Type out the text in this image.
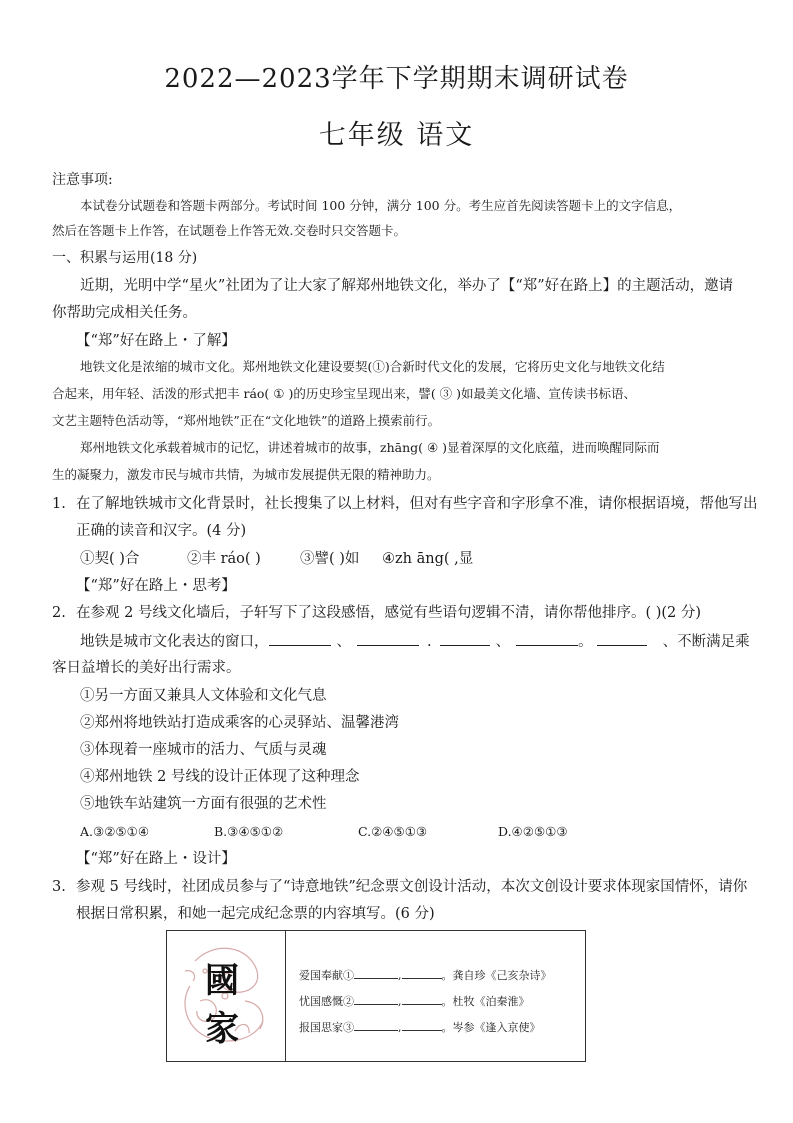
2022—2023学年下学期期末调研试卷
七年级 语文
注意事项:
本试卷分试题卷和答题卡两部分。考试时间 100 分钟，满分 100 分。考生应首先阅读答题卡上的文字信息，
然后在答题卡上作答，在试题卷上作答无效.交卷时只交答题卡。
一、积累与运用(18 分)
近期，光明中学“星火”社团为了让大家了解郑州地铁文化，举办了【“郑”好在路上】的主题活动，邀请
你帮助完成相关任务。
【“郑”好在路上・了解】
地铁文化是浓缩的城市文化。郑州地铁文化建设要契(①)合新时代文化的发展，它将历史文化与地铁文化结
合起来，用年轻、活泼的形式把丰 ráo( ① )的历史珍宝呈现出来，譬( ③ )如最美文化墙、宣传读书标语、
文艺主题特色活动等，“郑州地铁”正在“文化地铁”的道路上摸索前行。
郑州地铁文化承载着城市的记忆，讲述着城市的故事，zhāng( ④ )显着深厚的文化底蕴，进而唤醒同际而
生的凝聚力，激发市民与城市共情，为城市发展提供无限的精神助力。
1. 在了解地铁城市文化背景时，社长搜集了以上材料，但对有些字音和字形拿不准，请你根据语境，帮他写出
正确的读音和汉字。(4 分)
①契( )合	②丰 ráo( )	③譬( )如 ④zh āng( ,显
【“郑”好在路上・思考】
2. 在参观 2 号线文化墙后，子轩写下了这段感悟，感觉有些语句逻辑不清，请你帮他排序。( )(2 分)
地铁是城市文化表达的窗口，	、	.	、	。	、不断满足乘
客日益增长的美好出行需求。
①另一方面又兼具人文体验和文化气息
②郑州将地铁站打造成乘客的心灵驿站、温馨港湾
③体现着一座城市的活力、气质与灵魂
④郑州地铁 2 号线的设计正体现了这种理念
⑤地铁车站建筑一方面有很强的艺术性
A.③②⑤①④	B.③④⑤①②	C.②④⑤①③	D.④②⑤①③
【“郑”好在路上・设计】
3. 参观 5 号线时，社团成员参与了“诗意地铁”纪念票文创设计活动，本次文创设计要求体现家国情怀，请你
根据日常积累，和她一起完成纪念票的内容填写。(6 分)
國
家
爱国奉献①	,	。龚自珍《己亥杂诗》
忧国感慨②	,	。杜牧《泊秦淮》
报国思家③	,	。岑参《逢入京使》
